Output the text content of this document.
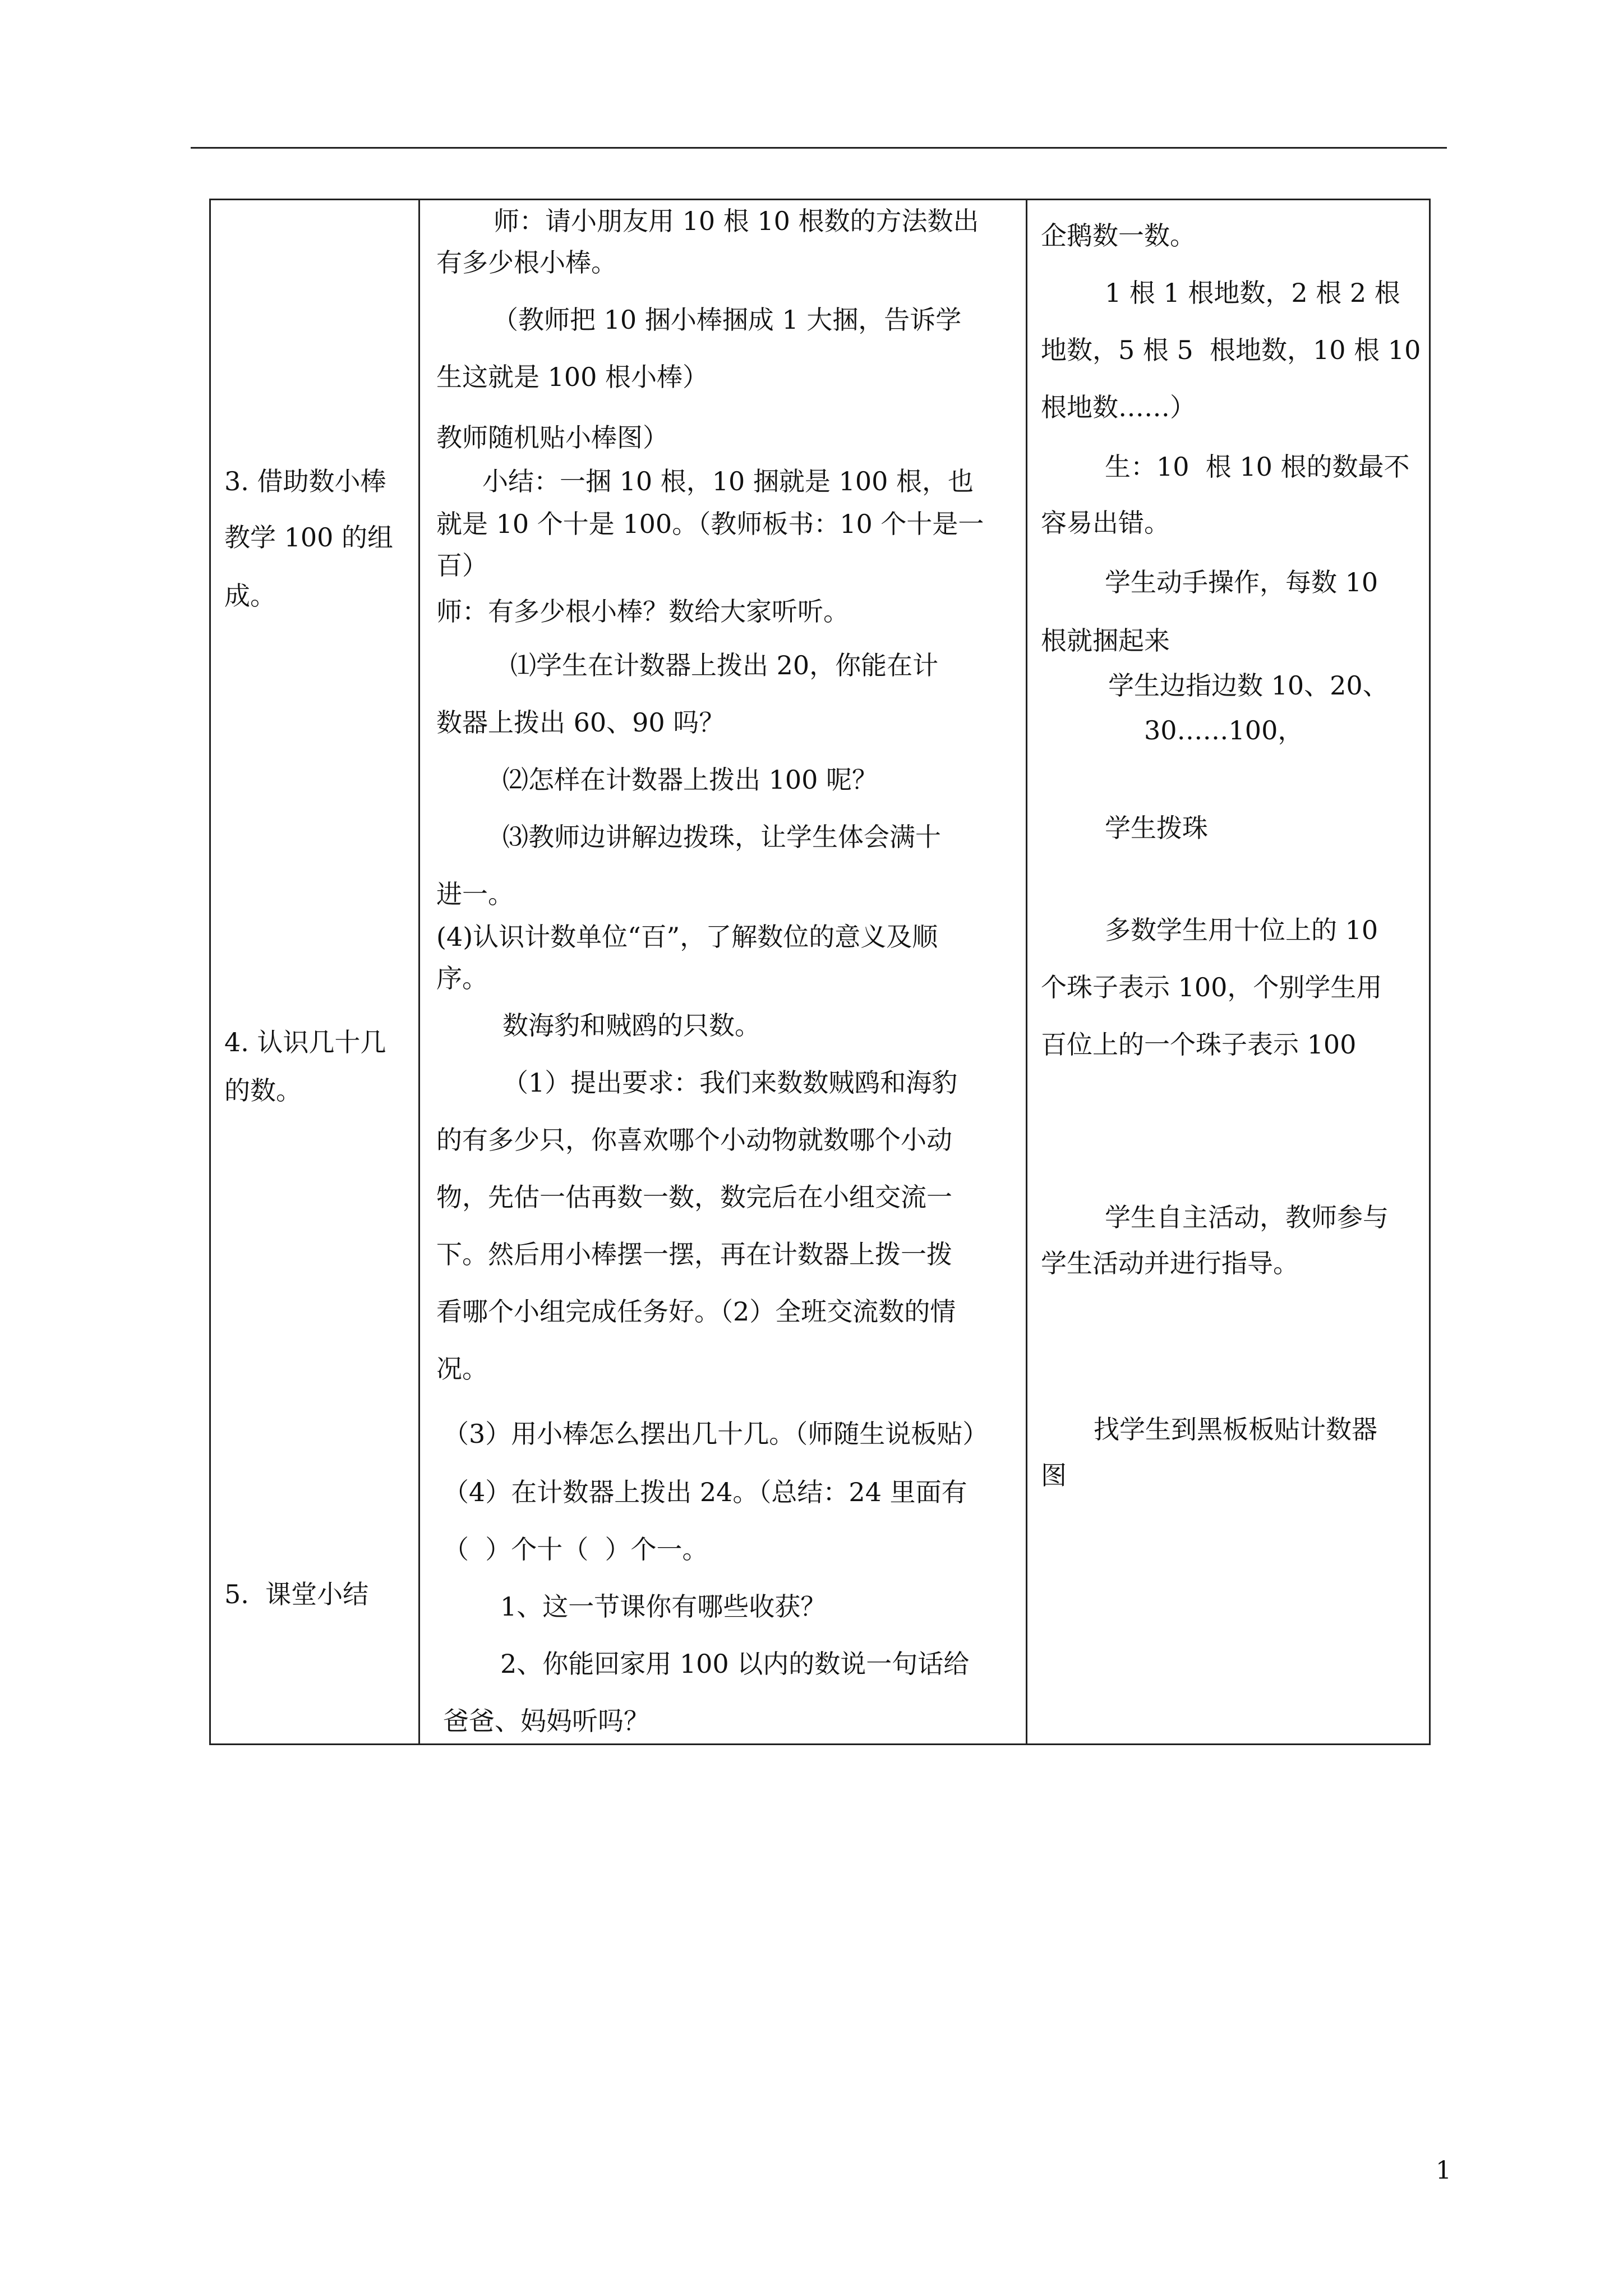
3. 借助数小棒
教学 100 的组
成。
4. 认识几十几
的数。
5.  课堂小结
师：请小朋友用 10 根 10 根数的方法数出
有多少根小棒。
（教师把 10 捆小棒捆成 1 大捆，告诉学
生这就是 100 根小棒）
教师随机贴小棒图）
小结：一捆 10 根，10 捆就是 100 根，也
就是 10 个十是 100。（教师板书：10 个十是一
百）
师：有多少根小棒？数给大家听听。
⑴学生在计数器上拨出 20，你能在计
数器上拨出 60、90 吗？
⑵怎样在计数器上拨出 100 呢？
⑶教师边讲解边拨珠，让学生体会满十
进一。
(4)认识计数单位“百”，了解数位的意义及顺
序。
数海豹和贼鸥的只数。
（1）提出要求：我们来数数贼鸥和海豹
的有多少只，你喜欢哪个小动物就数哪个小动
物，先估一估再数一数，数完后在小组交流一
下。然后用小棒摆一摆，再在计数器上拨一拨
看哪个小组完成任务好。（2）全班交流数的情
况。
（3）用小棒怎么摆出几十几。（师随生说板贴）
（4）在计数器上拨出 24。（总结：24 里面有
（  ）个十（  ）个一。
1、这一节课你有哪些收获？
2、你能回家用 100 以内的数说一句话给
爸爸、妈妈听吗？
企鹅数一数。
1 根 1 根地数，2 根 2 根
地数，5 根 5  根地数，10 根 10
根地数……）
生：10  根 10 根的数最不
容易出错。
学生动手操作，每数 10
根就捆起来
学生边指边数 10、20、
30……100，
学生拨珠
多数学生用十位上的 10
个珠子表示 100，个别学生用
百位上的一个珠子表示 100
学生自主活动，教师参与
学生活动并进行指导。
找学生到黑板板贴计数器
图
1
